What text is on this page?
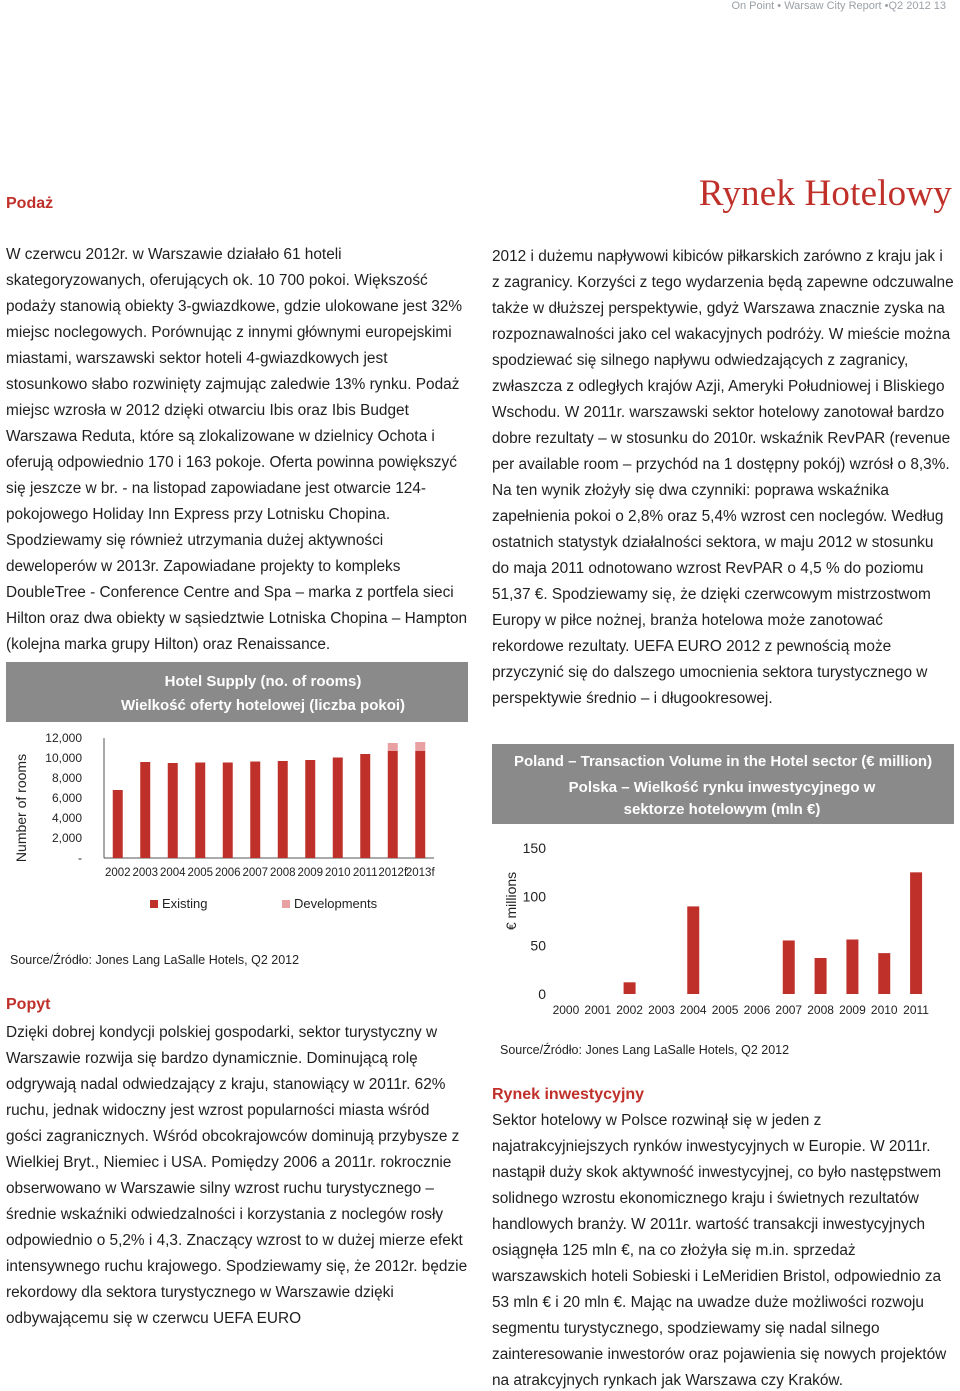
On Point • Warsaw City Report •Q2 2012 13
Rynek Hotelowy
Podaż

W czerwcu 2012r. w Warszawie działało 61 hoteli skategoryzowanych, oferujących ok. 10 700 pokoi. Większość podaży stanowią obiekty 3-gwiazdkowe, gdzie ulokowane jest 32% miejsc noclegowych. Porównując z innymi głównymi europejskimi miastami, warszawski sektor hoteli 4-gwiazdkowych jest stosunkowo słabo rozwinięty zajmując zaledwie 13% rynku. Podaż miejsc wzrosła w 2012 dzięki otwarciu Ibis oraz Ibis Budget Warszawa Reduta, które są zlokalizowane w dzielnicy Ochota i oferują odpowiednio 170 i 163 pokoje. Oferta powinna powiększyć się jeszcze w br. - na listopad zapowiadane jest otwarcie 124-pokojowego Holiday Inn Express przy Lotnisku Chopina. Spodziewamy się również utrzymania dużej aktywności deweloperów w 2013r. Zapowiadane projekty to kompleks DoubleTree - Conference Centre and Spa – marka z portfela sieci Hilton oraz dwa obiekty w sąsiedztwie Lotniska Chopina – Hampton (kolejna marka grupy Hilton) oraz Renaissance.

Hotel Supply (no. of rooms)
Wielkość oferty hotelowej (liczba pokoi)
Number of rooms
12,000
10,000
8,000
6,000
4,000
2,000
-
2002 2003 2004 2005 2006 2007 2008 2009 2010 2011 2012f
2013f
Existing	Developments
Source/Źródło: Jones Lang LaSalle Hotels, Q2 2012
Popyt

Dzięki dobrej kondycji polskiej gospodarki, sektor turystyczny w Warszawie rozwija się bardzo dynamicznie. Dominującą rolę odgrywają nadal odwiedzający z kraju, stanowiący w 2011r. 62% ruchu, jednak widoczny jest wzrost popularności miasta wśród gości zagranicznych. Wśród obcokrajowców dominują przybysze z Wielkiej Bryt., Niemiec i USA. Pomiędzy 2006 a 2011r. rokrocznie obserwowano w Warszawie silny wzrost ruchu turystycznego – średnie wskaźniki odwiedzalności i korzystania z noclegów rosły odpowiednio o 5,2% i 4,3. Znaczący wzrost to w dużej mierze efekt intensywnego ruchu krajowego. Spodziewamy się, że 2012r. będzie rekordowy dla sektora turystycznego w Warszawie dzięki odbywającemu się w czerwcu UEFA EURO

2012 i dużemu napływowi kibiców piłkarskich zarówno z kraju jak i z zagranicy. Korzyści z tego wydarzenia będą zapewne odczuwalne także w dłuższej perspektywie, gdyż Warszawa znacznie zyska na rozpoznawalności jako cel wakacyjnych podróży. W mieście można spodziewać się silnego napływu odwiedzających z zagranicy, zwłaszcza z odległych krajów Azji, Ameryki Południowej i Bliskiego Wschodu. W 2011r. warszawski sektor hotelowy zanotował bardzo dobre rezultaty – w stosunku do 2010r. wskaźnik RevPAR (revenue per available room – przychód na 1 dostępny pokój) wzrósł o 8,3%. Na ten wynik złożyły się dwa czynniki: poprawa wskaźnika zapełnienia pokoi o 2,8% oraz 5,4% wzrost cen noclegów. Według ostatnich statystyk działalności sektora, w maju 2012 w stosunku do maja 2011 odnotowano wzrost RevPAR o 4,5 % do poziomu 51,37 €. Spodziewamy się, że dzięki czerwcowym mistrzostwom Europy w piłce nożnej, branża hotelowa może zanotować rekordowe rezultaty. UEFA EURO 2012 z pewnością może przyczynić się do dalszego umocnienia sektora turystycznego w perspektywie średnio – i długookresowej.

Poland – Transaction Volume in the Hotel sector (€ million)
Polska – Wielkość rynku inwestycyjnego w sektorze hotelowym (mln €)
€ millions
150
100
50
0
2000 2001 2002 2003 2004 2005 2006 2007 2008 2009 2010 2011
Source/Źródło: Jones Lang LaSalle Hotels, Q2 2012
Rynek inwestycyjny

Sektor hotelowy w Polsce rozwinął się w jeden z najatrakcyjniejszych rynków inwestycyjnych w Europie. W 2011r. nastąpił duży skok aktywność inwestycyjnej, co było następstwem solidnego wzrostu ekonomicznego kraju i świetnych rezultatów handlowych branży. W 2011r. wartość transakcji inwestycyjnych osiągnęła 125 mln €, na co złożyła się m.in. sprzedaż warszawskich hoteli Sobieski i LeMeridien Bristol, odpowiednio za 53 mln € i 20 mln €. Mając na uwadze duże możliwości rozwoju segmentu turystycznego, spodziewamy się nadal silnego zainteresowanie inwestorów oraz pojawienia się nowych projektów na atrakcyjnych rynkach jak Warszawa czy Kraków.
